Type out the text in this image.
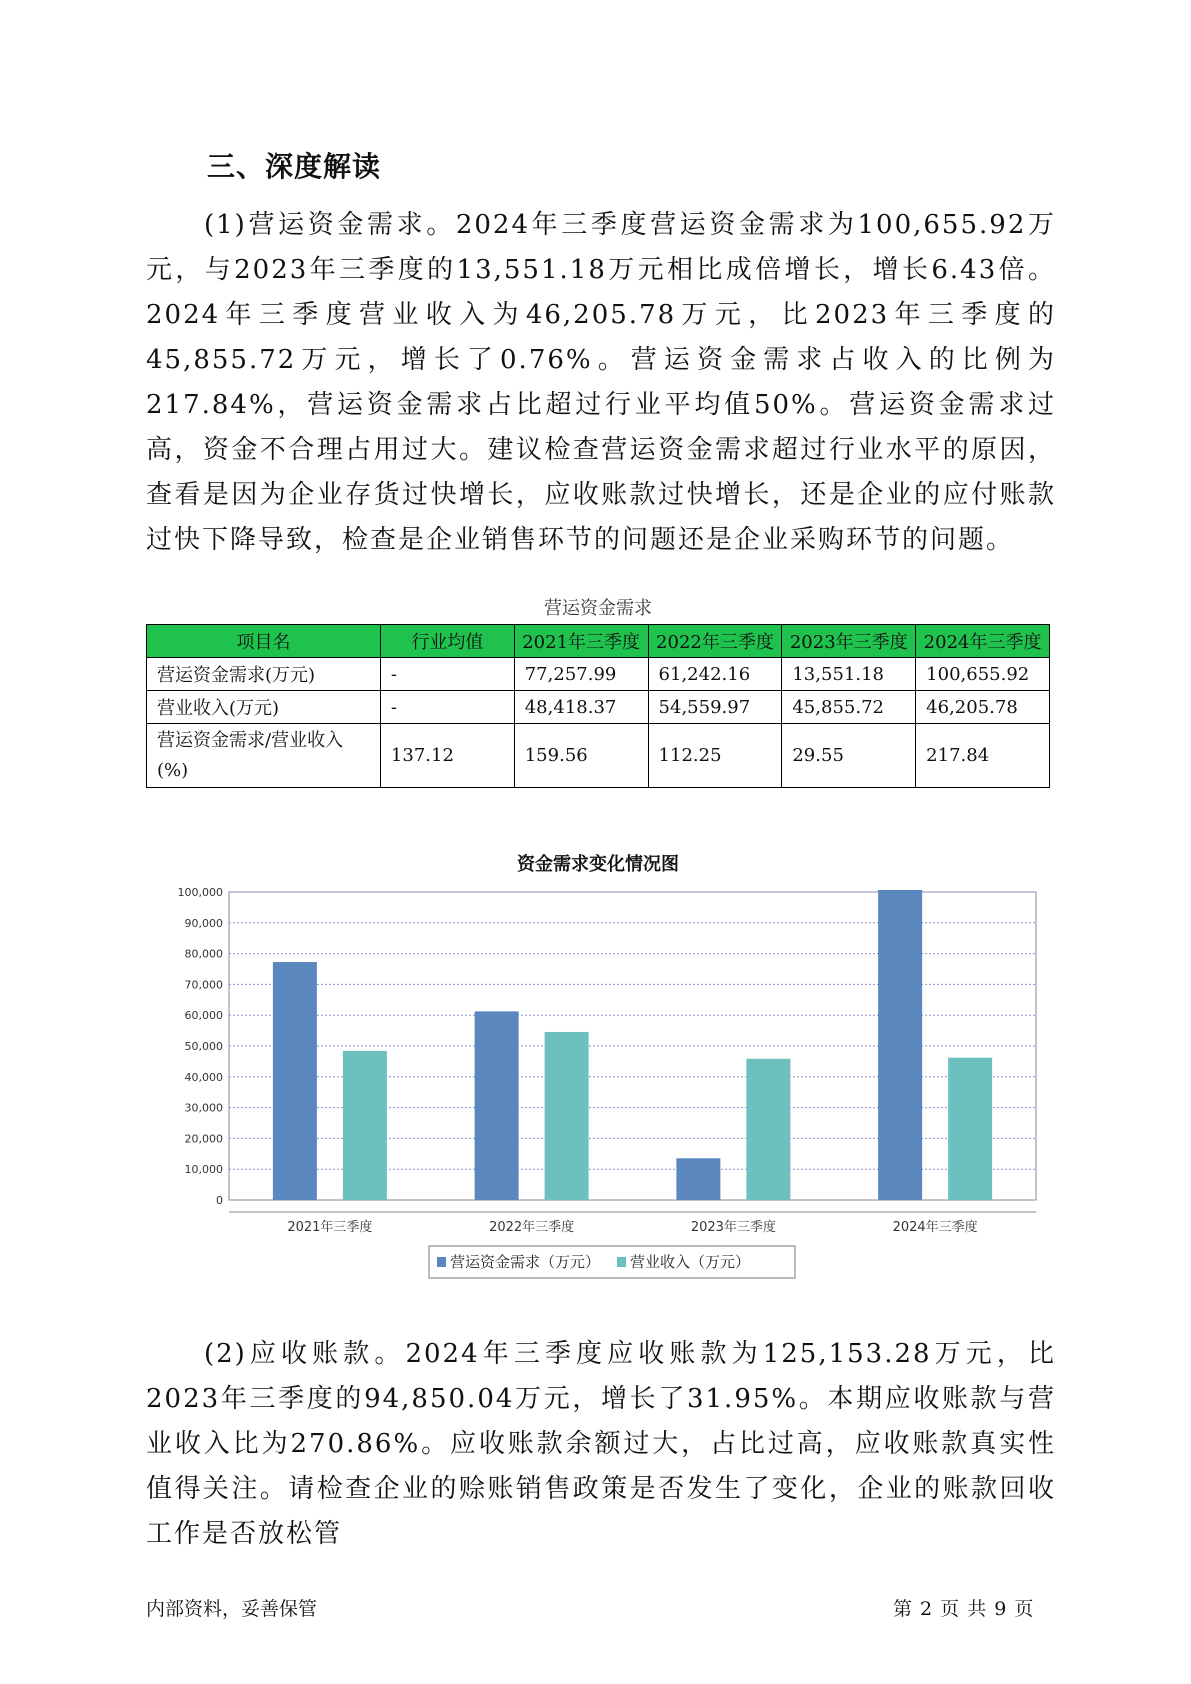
三、深度解读

(1)营运资金需求。2024年三季度营运资金需求为100,655.92万元，与2023年三季度的13,551.18万元相比成倍增长，增长6.43倍。2024年三季度营业收入为46,205.78万元，比2023年三季度的45,855.72万元，增长了0.76%。营运资金需求占收入的比例为217.84%，营运资金需求占比超过行业平均值50%。营运资金需求过高，资金不合理占用过大。建议检查营运资金需求超过行业水平的原因，查看是因为企业存货过快增长，应收账款过快增长，还是企业的应付账款过快下降导致，检查是企业销售环节的问题还是企业采购环节的问题。

营运资金需求
项目名	行业均值	2021年三季度	2022年三季度	2023年三季度	2024年三季度
营运资金需求(万元)	-	77,257.99	61,242.16	13,551.18	100,655.92
营业收入(万元)	-	48,418.37	54,559.97	45,855.72	46,205.78
营运资金需求/营业收入(%)	137.12	159.56	112.25	29.55	217.84
资金需求变化情况图
0
10,000
20,000
30,000
40,000
50,000
60,000
70,000
80,000
90,000
100,000
2021年三季度	2022年三季度	2023年三季度	2024年三季度
营运资金需求（万元） 营业收入（万元）

(2)应收账款。2024年三季度应收账款为125,153.28万元，比2023年三季度的94,850.04万元，增长了31.95%。本期应收账款与营业收入比为270.86%。应收账款余额过大，占比过高，应收账款真实性值得关注。请检查企业的赊账销售政策是否发生了变化，企业的账款回收工作是否放松管

内部资料，妥善保管	第 2 页 共 9 页
